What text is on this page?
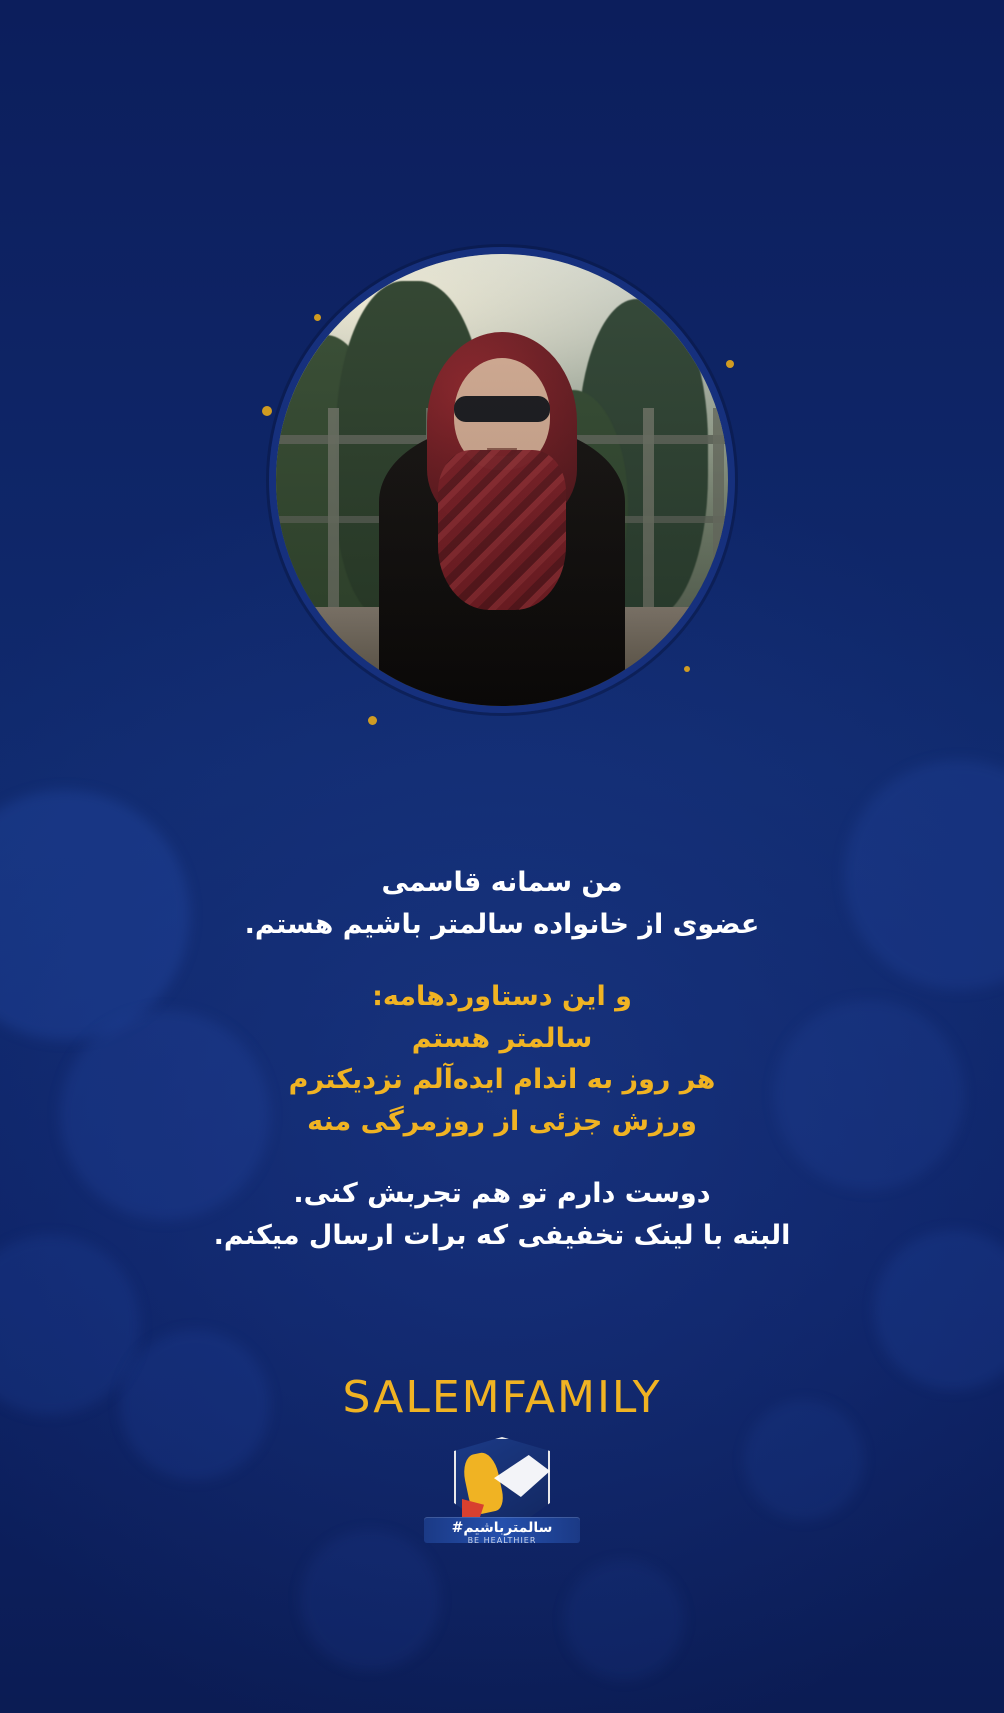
من سمانه قاسمی
عضوی از خانواده سالمتر باشیم هستم.
و این دستاوردهامه:
سالمتر هستم
هر روز به اندام ایده‌آلم نزدیکترم
ورزش جزئی از روزمرگی منه
دوست دارم تو هم تجربش کنی.
البته با لینک تخفیفی که برات ارسال میکنم.
SALEMFAMILY
سالمترباشیم#
BE HEALTHIER
